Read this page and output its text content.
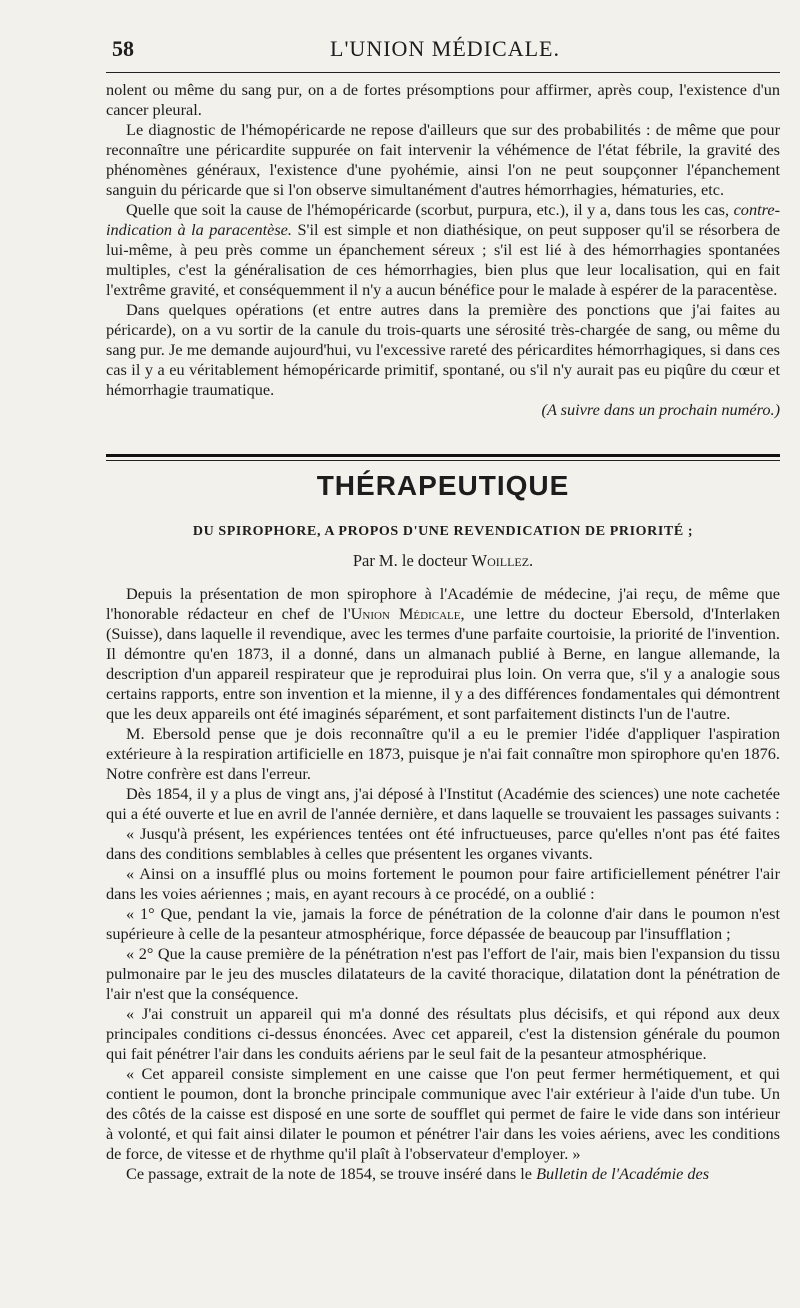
58	L'UNION MÉDICALE.

nolent ou même du sang pur, on a de fortes présomptions pour affirmer, après coup, l'existence d'un cancer pleural.

Le diagnostic de l'hémopéricarde ne repose d'ailleurs que sur des probabilités : de même que pour reconnaître une péricardite suppurée on fait intervenir la véhémence de l'état fébrile, la gravité des phénomènes généraux, l'existence d'une pyohémie, ainsi l'on ne peut soupçonner l'épanchement sanguin du péricarde que si l'on observe simultanément d'autres hémorrhagies, hématuries, etc.

Quelle que soit la cause de l'hémopéricarde (scorbut, purpura, etc.), il y a, dans tous les cas, contre-indication à la paracentèse. S'il est simple et non diathésique, on peut supposer qu'il se résorbera de lui-même, à peu près comme un épanchement séreux ; s'il est lié à des hémorrhagies spontanées multiples, c'est la généralisation de ces hémorrhagies, bien plus que leur localisation, qui en fait l'extrême gravité, et conséquemment il n'y a aucun bénéfice pour le malade à espérer de la paracentèse.

Dans quelques opérations (et entre autres dans la première des ponctions que j'ai faites au péricarde), on a vu sortir de la canule du trois-quarts une sérosité très-chargée de sang, ou même du sang pur. Je me demande aujourd'hui, vu l'excessive rareté des péricardites hémorrhagiques, si dans ces cas il y a eu véritablement hémopéricarde primitif, spontané, ou s'il n'y aurait pas eu piqûre du cœur et hémorrhagie traumatique.

(A suivre dans un prochain numéro.)

THÉRAPEUTIQUE
DU SPIROPHORE, A PROPOS D'UNE REVENDICATION DE PRIORITÉ ;
Par M. le docteur Woillez.

Depuis la présentation de mon spirophore à l'Académie de médecine, j'ai reçu, de même que l'honorable rédacteur en chef de l'Union Médicale, une lettre du docteur Ebersold, d'Interlaken (Suisse), dans laquelle il revendique, avec les termes d'une parfaite courtoisie, la priorité de l'invention. Il démontre qu'en 1873, il a donné, dans un almanach publié à Berne, en langue allemande, la description d'un appareil respirateur que je reproduirai plus loin. On verra que, s'il y a analogie sous certains rapports, entre son invention et la mienne, il y a des différences fondamentales qui démontrent que les deux appareils ont été imaginés séparément, et sont parfaitement distincts l'un de l'autre.

M. Ebersold pense que je dois reconnaître qu'il a eu le premier l'idée d'appliquer l'aspiration extérieure à la respiration artificielle en 1873, puisque je n'ai fait connaître mon spirophore qu'en 1876. Notre confrère est dans l'erreur.

Dès 1854, il y a plus de vingt ans, j'ai déposé à l'Institut (Académie des sciences) une note cachetée qui a été ouverte et lue en avril de l'année dernière, et dans laquelle se trouvaient les passages suivants :

« Jusqu'à présent, les expériences tentées ont été infructueuses, parce qu'elles n'ont pas été faites dans des conditions semblables à celles que présentent les organes vivants.

« Ainsi on a insufflé plus ou moins fortement le poumon pour faire artificiellement pénétrer l'air dans les voies aériennes ; mais, en ayant recours à ce procédé, on a oublié :

« 1° Que, pendant la vie, jamais la force de pénétration de la colonne d'air dans le poumon n'est supérieure à celle de la pesanteur atmosphérique, force dépassée de beaucoup par l'insufflation ;

« 2° Que la cause première de la pénétration n'est pas l'effort de l'air, mais bien l'expansion du tissu pulmonaire par le jeu des muscles dilatateurs de la cavité thoracique, dilatation dont la pénétration de l'air n'est que la conséquence.

« J'ai construit un appareil qui m'a donné des résultats plus décisifs, et qui répond aux deux principales conditions ci-dessus énoncées. Avec cet appareil, c'est la distension générale du poumon qui fait pénétrer l'air dans les conduits aériens par le seul fait de la pesanteur atmosphérique.

« Cet appareil consiste simplement en une caisse que l'on peut fermer hermétiquement, et qui contient le poumon, dont la bronche principale communique avec l'air extérieur à l'aide d'un tube. Un des côtés de la caisse est disposé en une sorte de soufflet qui permet de faire le vide dans son intérieur à volonté, et qui fait ainsi dilater le poumon et pénétrer l'air dans les voies aériens, avec les conditions de force, de vitesse et de rhythme qu'il plaît à l'observateur d'employer. »

Ce passage, extrait de la note de 1854, se trouve inséré dans le Bulletin de l'Académie des
